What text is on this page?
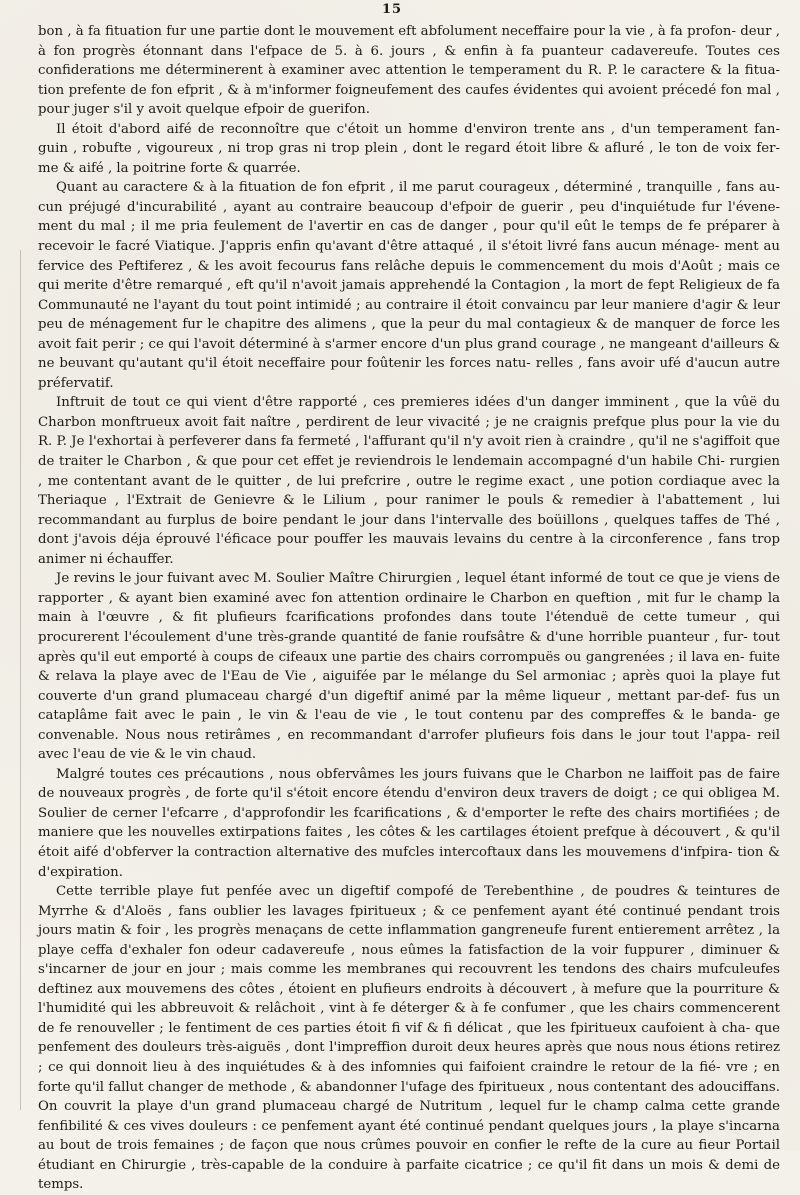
15

bon , à fa fituation fur une partie dont le mouvement eft abfolument neceffaire pour la vie , à fa profon- deur , à fon progrès étonnant dans l'efpace de 5. à 6. jours , & enfin à fa puanteur cadavereufe. Toutes ces confiderations me déterminerent à examiner avec attention le temperament du R. P. le caractere & la fitua- tion prefente de fon efprit , & à m'informer foigneufement des caufes évidentes qui avoient précedé fon mal , pour juger s'il y avoit quelque efpoir de guerifon.

Il étoit d'abord aifé de reconnoître que c'étoit un homme d'environ trente ans , d'un temperament fan- guin , robufte , vigoureux , ni trop gras ni trop plein , dont le regard étoit libre & afluré , le ton de voix fer- me & aifé , la poitrine forte & quarrée.

Quant au caractere & à la fituation de fon efprit , il me parut courageux , déterminé , tranquille , fans au- cun préjugé d'incurabilité , ayant au contraire beaucoup d'efpoir de guerir , peu d'inquiétude fur l'évene- ment du mal ; il me pria feulement de l'avertir en cas de danger , pour qu'il eût le temps de fe préparer à recevoir le facré Viatique. J'appris enfin qu'avant d'être attaqué , il s'étoit livré fans aucun ménage- ment au fervice des Peftiferez , & les avoit fecourus fans relâche depuis le commencement du mois d'Août ; mais ce qui merite d'être remarqué , eft qu'il n'avoit jamais apprehendé la Contagion , la mort de fept Religieux de fa Communauté ne l'ayant du tout point intimidé ; au contraire il étoit convaincu par leur maniere d'agir & leur peu de ménagement fur le chapitre des alimens , que la peur du mal contagieux & de manquer de force les avoit fait perir ; ce qui l'avoit déterminé à s'armer encore d'un plus grand courage , ne mangeant d'ailleurs & ne beuvant qu'autant qu'il étoit neceffaire pour foûtenir les forces natu- relles , fans avoir ufé d'aucun autre préfervatif.

Inftruit de tout ce qui vient d'être rapporté , ces premieres idées d'un danger imminent , que la vûë du Charbon monftrueux avoit fait naître , perdirent de leur vivacité ; je ne craignis prefque plus pour la vie du R. P. Je l'exhortai à perfeverer dans fa fermeté , l'affurant qu'il n'y avoit rien à craindre , qu'il ne s'agiffoit que de traiter le Charbon , & que pour cet effet je reviendrois le lendemain accompagné d'un habile Chi- rurgien , me contentant avant de le quitter , de lui prefcrire , outre le regime exact , une potion cordiaque avec la Theriaque , l'Extrait de Genievre & le Lilium , pour ranimer le pouls & remedier à l'abattement , lui recommandant au furplus de boire pendant le jour dans l'intervalle des boüillons , quelques taffes de Thé , dont j'avois déja éprouvé l'éficace pour pouffer les mauvais levains du centre à la circonference , fans trop animer ni échauffer.

Je revins le jour fuivant avec M. Soulier Maître Chirurgien , lequel étant informé de tout ce que je viens de rapporter , & ayant bien examiné avec fon attention ordinaire le Charbon en queftion , mit fur le champ la main à l'œuvre , & fit plufieurs fcarifications profondes dans toute l'étenduë de cette tumeur , qui procurerent l'écoulement d'une très-grande quantité de fanie roufsâtre & d'une horrible puanteur , fur- tout après qu'il eut emporté à coups de cifeaux une partie des chairs corrompuës ou gangrenées ; il lava en- fuite & relava la playe avec de l'Eau de Vie , aiguifée par le mélange du Sel armoniac ; après quoi la playe fut couverte d'un grand plumaceau chargé d'un digeftif animé par la même liqueur , mettant par-def- fus un cataplâme fait avec le pain , le vin & l'eau de vie , le tout contenu par des compreffes & le banda- ge convenable. Nous nous retirâmes , en recommandant d'arrofer plufieurs fois dans le jour tout l'appa- reil avec l'eau de vie & le vin chaud.

Malgré toutes ces précautions , nous obfervâmes les jours fuivans que le Charbon ne laiffoit pas de faire de nouveaux progrès , de forte qu'il s'étoit encore étendu d'environ deux travers de doigt ; ce qui obligea M. Soulier de cerner l'efcarre , d'approfondir les fcarifications , & d'emporter le refte des chairs mortifiées ; de maniere que les nouvelles extirpations faites , les côtes & les cartilages étoient prefque à découvert , & qu'il étoit aifé d'obferver la contraction alternative des mufcles intercoftaux dans les mouvemens d'infpira- tion & d'expiration.

Cette terrible playe fut penfée avec un digeftif compofé de Terebenthine , de poudres & teintures de Myrrhe & d'Aloës , fans oublier les lavages fpiritueux ; & ce penfement ayant été continué pendant trois jours matin & foir , les progrès menaçans de cette inflammation gangreneufe furent entierement arrêtez , la playe ceffa d'exhaler fon odeur cadavereufe , nous eûmes la fatisfaction de la voir fuppurer , diminuer & s'incarner de jour en jour ; mais comme les membranes qui recouvrent les tendons des chairs mufculeufes deftinez aux mouvemens des côtes , étoient en plufieurs endroits à découvert , à mefure que la pourriture & l'humidité qui les abbreuvoit & relâchoit , vint à fe déterger & à fe confumer , que les chairs commencerent de fe renouveller ; le fentiment de ces parties étoit fi vif & fi délicat , que les fpiritueux caufoient à cha- que penfement des douleurs très-aiguës , dont l'impreffion duroit deux heures après que nous nous étions retirez ; ce qui donnoit lieu à des inquiétudes & à des infomnies qui faifoient craindre le retour de la fié- vre ; en forte qu'il fallut changer de methode , & abandonner l'ufage des fpiritueux , nous contentant des adouciffans. On couvrit la playe d'un grand plumaceau chargé de Nutritum , lequel fur le champ calma cette grande fenfibilité & ces vives douleurs : ce penfement ayant été continué pendant quelques jours , la playe s'incarna au bout de trois femaines ; de façon que nous crûmes pouvoir en confier le refte de la cure au fieur Portail étudiant en Chirurgie , très-capable de la conduire à parfaite cicatrice ; ce qu'il fit dans un mois & demi de temps.
